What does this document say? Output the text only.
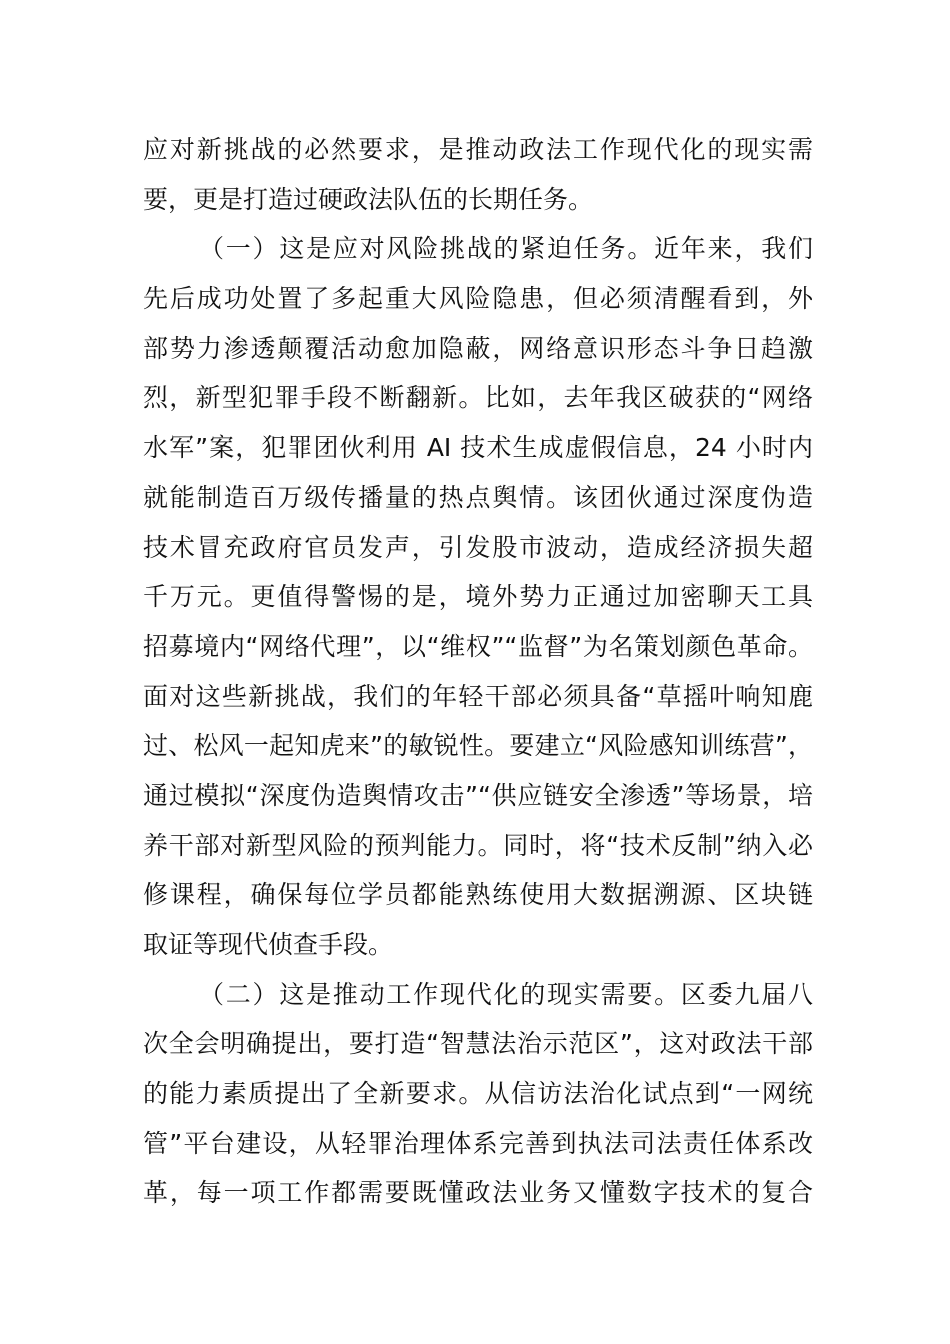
应对新挑战的必然要求，是推动政法工作现代化的现实需
要，更是打造过硬政法队伍的长期任务。
（一）这是应对风险挑战的紧迫任务。近年来，我们
先后成功处置了多起重大风险隐患，但必须清醒看到，外
部势力渗透颠覆活动愈加隐蔽，网络意识形态斗争日趋激
烈，新型犯罪手段不断翻新。比如，去年我区破获的“网络
水军”案，犯罪团伙利用 AI 技术生成虚假信息，24 小时内
就能制造百万级传播量的热点舆情。该团伙通过深度伪造
技术冒充政府官员发声，引发股市波动，造成经济损失超
千万元。更值得警惕的是，境外势力正通过加密聊天工具
招募境内“网络代理”，以“维权”“监督”为名策划颜色革命。
面对这些新挑战，我们的年轻干部必须具备“草摇叶响知鹿
过、松风一起知虎来”的敏锐性。要建立“风险感知训练营”，
通过模拟“深度伪造舆情攻击”“供应链安全渗透”等场景，培
养干部对新型风险的预判能力。同时，将“技术反制”纳入必
修课程，确保每位学员都能熟练使用大数据溯源、区块链
取证等现代侦查手段。
（二）这是推动工作现代化的现实需要。区委九届八
次全会明确提出，要打造“智慧法治示范区”，这对政法干部
的能力素质提出了全新要求。从信访法治化试点到“一网统
管”平台建设，从轻罪治理体系完善到执法司法责任体系改
革，每一项工作都需要既懂政法业务又懂数字技术的复合
